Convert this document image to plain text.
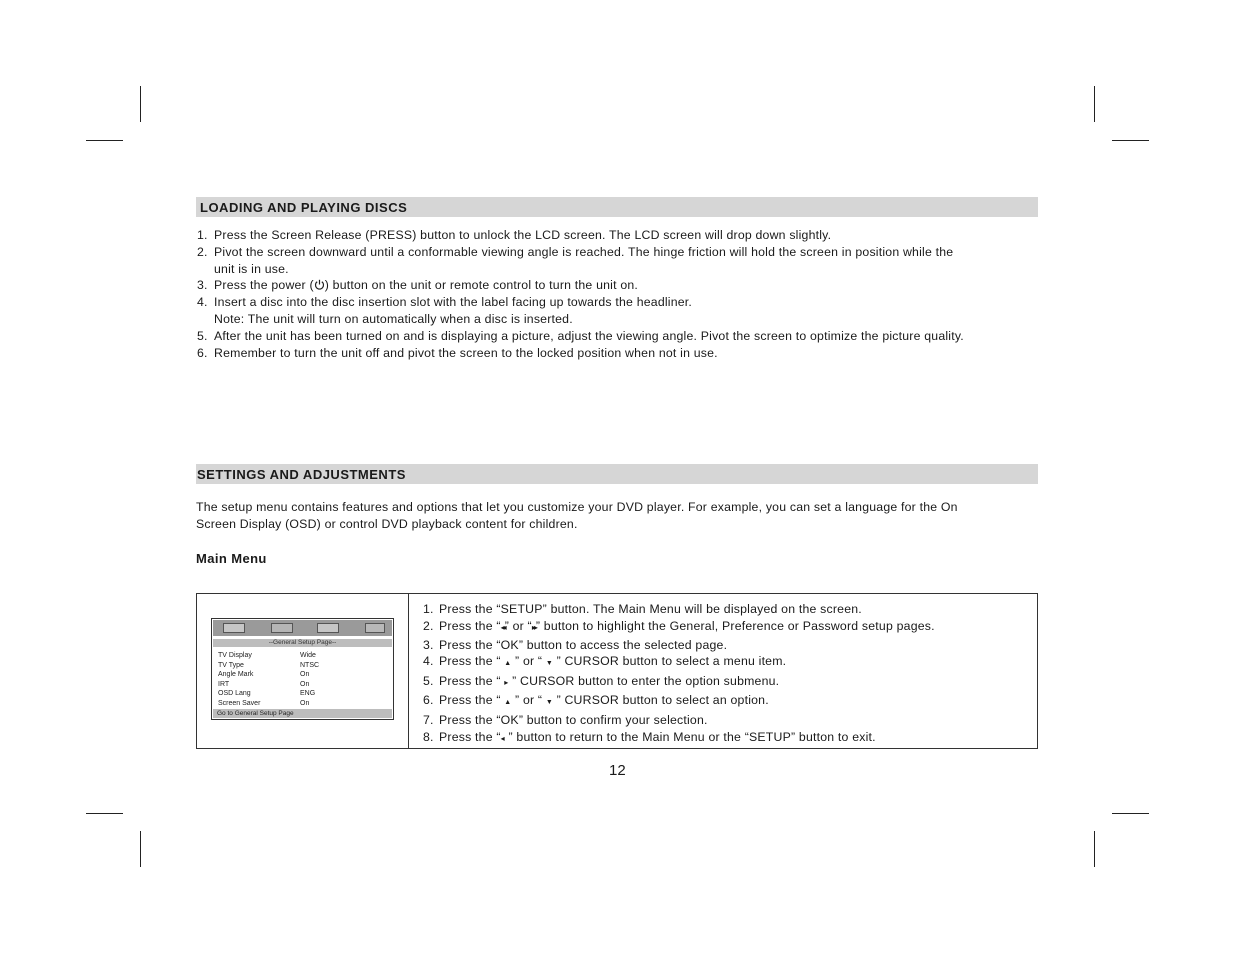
LOADING AND PLAYING DISCS
1. Press the Screen Release (PRESS) button to unlock the LCD screen. The LCD screen will drop down slightly.
2. Pivot the screen downward until a conformable viewing angle is reached. The hinge friction will hold the screen in position while the unit is in use.
3. Press the power ( ) button on the unit or remote control to turn the unit on.
4. Insert a disc into the disc insertion slot with the label facing up towards the headliner.
Note: The unit will turn on automatically when a disc is inserted.
5. After the unit has been turned on and is displaying a picture, adjust the viewing angle. Pivot the screen to optimize the picture quality.
6. Remember to turn the unit off and pivot the screen to the locked position when not in use.
SETTINGS AND ADJUSTMENTS
The setup menu contains features and options that let you customize your DVD player. For example, you can set a language for the On Screen Display (OSD) or control DVD playback content for children.
Main Menu
--General Setup Page--
TV Display	Wide
TV Type	NTSC
Angle Mark	On
IRT	On
OSD Lang	ENG
Screen Saver	On
Go to General Setup Page
1. Press the “SETUP” button. The Main Menu will be displayed on the screen.
2. Press the “◂◂” or “▸▸” button to highlight the General, Preference or Password setup pages.
3. Press the “OK” button to access the selected page.
4. Press the “ ▲ ” or “ ▼ ” CURSOR button to select a menu item.
5. Press the “ ▸ ” CURSOR button to enter the option submenu.
6. Press the “ ▲ ” or “ ▼ ” CURSOR button to select an option.
7. Press the “OK” button to confirm your selection.
8. Press the “◂ ” button to return to the Main Menu or the “SETUP” button to exit.
12
